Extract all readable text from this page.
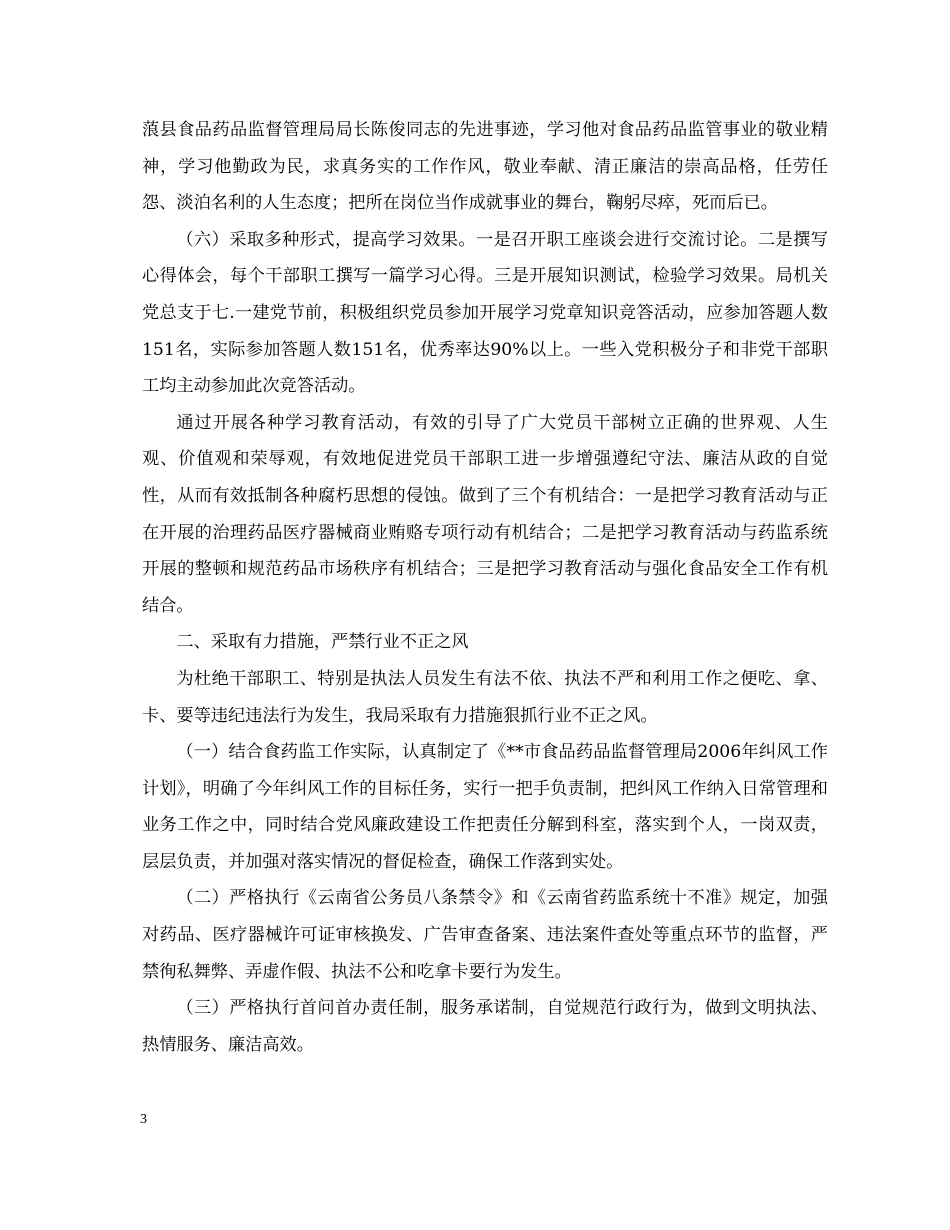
蒗县食品药品监督管理局局长陈俊同志的先进事迹，学习他对食品药品监管事业的敬业精神，学习他勤政为民，求真务实的工作作风，敬业奉献、清正廉洁的崇高品格，任劳任怨、淡泊名利的人生态度；把所在岗位当作成就事业的舞台，鞠躬尽瘁，死而后已。

（六）采取多种形式，提高学习效果。一是召开职工座谈会进行交流讨论。二是撰写心得体会，每个干部职工撰写一篇学习心得。三是开展知识测试，检验学习效果。局机关党总支于七.一建党节前，积极组织党员参加开展学习党章知识竞答活动，应参加答题人数151名，实际参加答题人数151名，优秀率达90%以上。一些入党积极分子和非党干部职工均主动参加此次竞答活动。

通过开展各种学习教育活动，有效的引导了广大党员干部树立正确的世界观、人生观、价值观和荣辱观，有效地促进党员干部职工进一步增强遵纪守法、廉洁从政的自觉性，从而有效抵制各种腐朽思想的侵蚀。做到了三个有机结合：一是把学习教育活动与正在开展的治理药品医疗器械商业贿赂专项行动有机结合；二是把学习教育活动与药监系统开展的整顿和规范药品市场秩序有机结合；三是把学习教育活动与强化食品安全工作有机结合。

二、采取有力措施，严禁行业不正之风

为杜绝干部职工、特别是执法人员发生有法不依、执法不严和利用工作之便吃、拿、卡、要等违纪违法行为发生，我局采取有力措施狠抓行业不正之风。

（一）结合食药监工作实际，认真制定了《**市食品药品监督管理局2006年纠风工作计划》，明确了今年纠风工作的目标任务，实行一把手负责制，把纠风工作纳入日常管理和业务工作之中，同时结合党风廉政建设工作把责任分解到科室，落实到个人，一岗双责，层层负责，并加强对落实情况的督促检查，确保工作落到实处。

（二）严格执行《云南省公务员八条禁令》和《云南省药监系统十不准》规定，加强对药品、医疗器械许可证审核换发、广告审查备案、违法案件查处等重点环节的监督，严禁徇私舞弊、弄虚作假、执法不公和吃拿卡要行为发生。

（三）严格执行首问首办责任制，服务承诺制，自觉规范行政行为，做到文明执法、热情服务、廉洁高效。

3
